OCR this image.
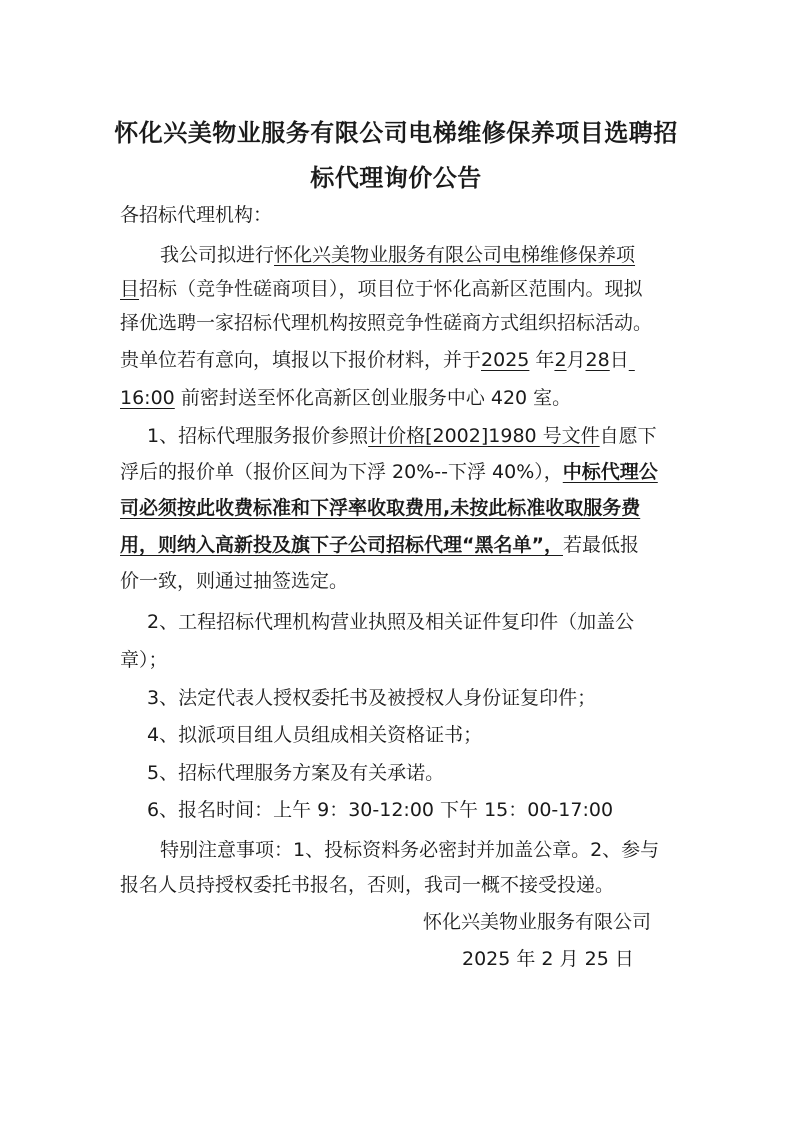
怀化兴美物业服务有限公司电梯维修保养项目选聘招
标代理询价公告
各招标代理机构：
我公司拟进行怀化兴美物业服务有限公司电梯维修保养项
目招标（竞争性磋商项目），项目位于怀化高新区范围内。现拟
择优选聘一家招标代理机构按照竞争性磋商方式组织招标活动。
贵单位若有意向，填报以下报价材料，并于2025 年2月28日
16:00 前密封送至怀化高新区创业服务中心 420 室。
1、招标代理服务报价参照计价格[2002]1980 号文件自愿下
浮后的报价单（报价区间为下浮 20%--下浮 40%），中标代理公
司必须按此收费标准和下浮率收取费用,未按此标准收取服务费
用，则纳入高新投及旗下子公司招标代理“黑名单”，若最低报
价一致，则通过抽签选定。
2、工程招标代理机构营业执照及相关证件复印件（加盖公
章）；
3、法定代表人授权委托书及被授权人身份证复印件；
4、拟派项目组人员组成相关资格证书；
5、招标代理服务方案及有关承诺。
6、报名时间：上午 9：30-12:00 下午 15：00-17:00
特别注意事项：1、投标资料务必密封并加盖公章。2、参与
报名人员持授权委托书报名，否则，我司一概不接受投递。
怀化兴美物业服务有限公司
2025 年 2 月 25 日
